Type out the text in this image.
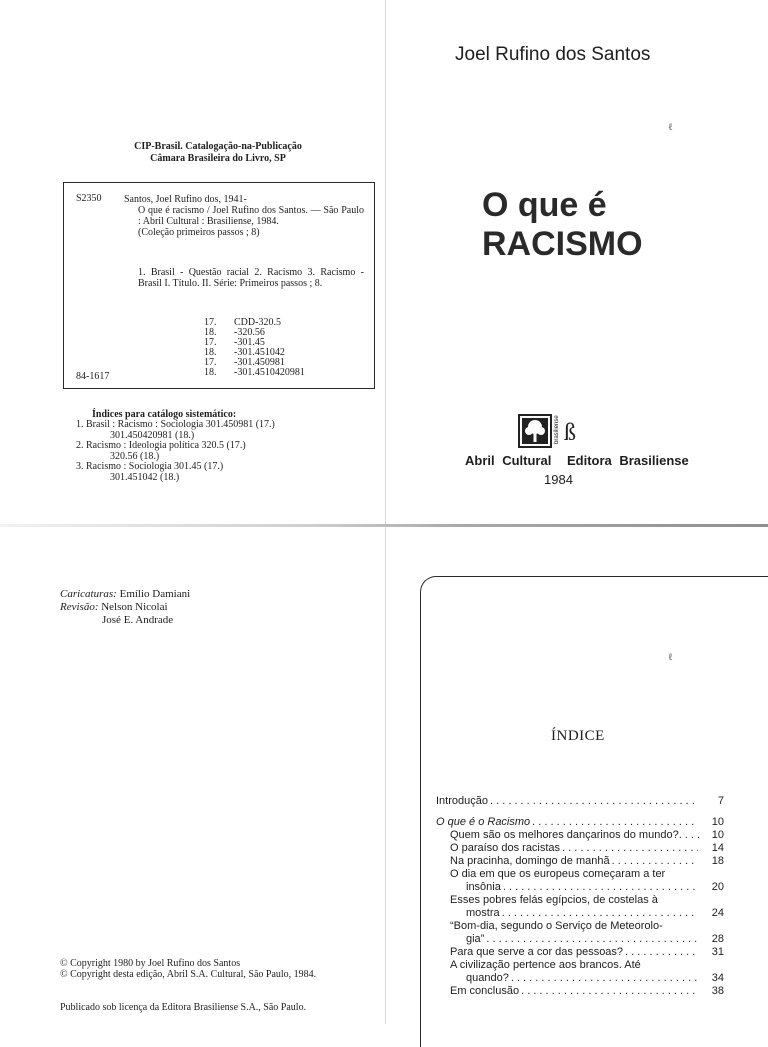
CIP-Brasil. Catalogação-na-Publicação
Câmara Brasileira do Livro, SP
S2350 Santos, Joel Rufino dos, 1941-
O que é racismo / Joel Rufino dos Santos. — São Paulo : Abril Cultural : Brasiliense, 1984.
(Coleção primeiros passos ; 8)
1. Brasil - Questão racial 2. Racismo 3. Racismo - Brasil I. Título. II. Série: Primeiros passos ; 8.
17.	CDD-320.5
18.	-320.56
17.	-301.45
18.	-301.451042
17.	-301.450981
18.	-301.4510420981
84-1617
Índices para catálogo sistemático:
1. Brasil : Racismo : Sociologia 301.450981 (17.)
301.450420981 (18.)
2. Racismo : Ideologia política 320.5 (17.)
320.56 (18.)
3. Racismo : Sociologia 301.45 (17.)
301.451042 (18.)
Joel Rufino dos Santos
O que é
RACISMO
brasiliense ß
Abril Cultural Editora Brasiliense
1984
Caricaturas: Emílio Damiani
Revisão: Nelson Nicolai
José E. Andrade
© Copyright 1980 by Joel Rufino dos Santos
© Copyright desta edição, Abril S.A. Cultural, São Paulo, 1984.
Publicado sob licença da Editora Brasiliense S.A., São Paulo.
ÍNDICE
Introdução . . .	7
O que é o Racismo . . .	10
Quem são os melhores dançarinos do mundo? . . .	10
O paraíso dos racistas . . .	14
Na pracinha, domingo de manhã . . .	18
O dia em que os europeus começaram a ter
insônia . . .	20
Esses pobres felás egípcios, de costelas à
mostra . . .	24
“Bom-dia, segundo o Serviço de Meteorolo-
gia” . . .	28
Para que serve a cor das pessoas? . . .	31
A civilização pertence aos brancos. Até
quando? . . .	34
Em conclusão . . .	38
ℓ
ℓ
